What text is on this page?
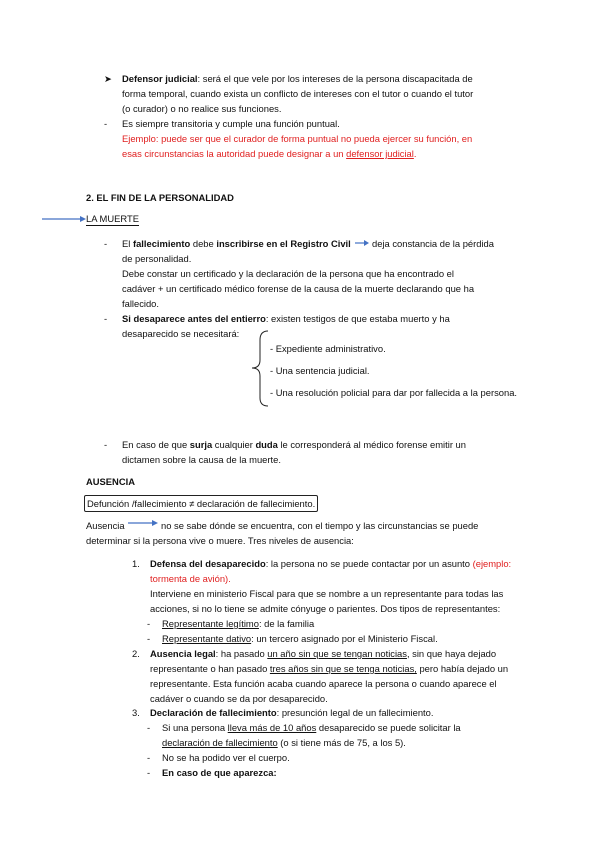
➤ Defensor judicial: será el que vele por los intereses de la persona discapacitada de
forma temporal, cuando exista un conflicto de intereses con el tutor o cuando el tutor
(o curador) o no realice sus funciones.
- Es siempre transitoria y cumple una función puntual.
Ejemplo: puede ser que el curador de forma puntual no pueda ejercer su función, en
esas circunstancias la autoridad puede designar a un defensor judicial.
2. EL FIN DE LA PERSONALIDAD
LA MUERTE
- El fallecimiento debe inscribirse en el Registro Civil deja constancia de la pérdida
de personalidad.
Debe constar un certificado y la declaración de la persona que ha encontrado el
cadáver + un certificado médico forense de la causa de la muerte declarando que ha
fallecido.
- Si desaparece antes del entierro: existen testigos de que estaba muerto y ha
desaparecido se necesitará:
- Expediente administrativo.
- Una sentencia judicial.
- Una resolución policial para dar por fallecida a la persona.
- En caso de que surja cualquier duda le corresponderá al médico forense emitir un
dictamen sobre la causa de la muerte.
AUSENCIA
Defunción /fallecimiento ≠ declaración de fallecimiento.
Ausencia	no se sabe dónde se encuentra, con el tiempo y las circunstancias se puede
determinar si la persona vive o muere. Tres niveles de ausencia:
1. Defensa del desaparecido: la persona no se puede contactar por un asunto (ejemplo:
tormenta de avión).
Interviene en ministerio Fiscal para que se nombre a un representante para todas las
acciones, si no lo tiene se admite cónyuge o parientes. Dos tipos de representantes:
- Representante legítimo: de la familia
- Representante dativo: un tercero asignado por el Ministerio Fiscal.
2. Ausencia legal: ha pasado un año sin que se tengan noticias, sin que haya dejado
representante o han pasado tres años sin que se tenga noticias, pero había dejado un
representante. Esta función acaba cuando aparece la persona o cuando aparece el
cadáver o cuando se da por desaparecido.
3. Declaración de fallecimiento: presunción legal de un fallecimiento.
- Si una persona lleva más de 10 años desaparecido se puede solicitar la
declaración de fallecimiento (o si tiene más de 75, a los 5).
- No se ha podido ver el cuerpo.
- En caso de que aparezca:
